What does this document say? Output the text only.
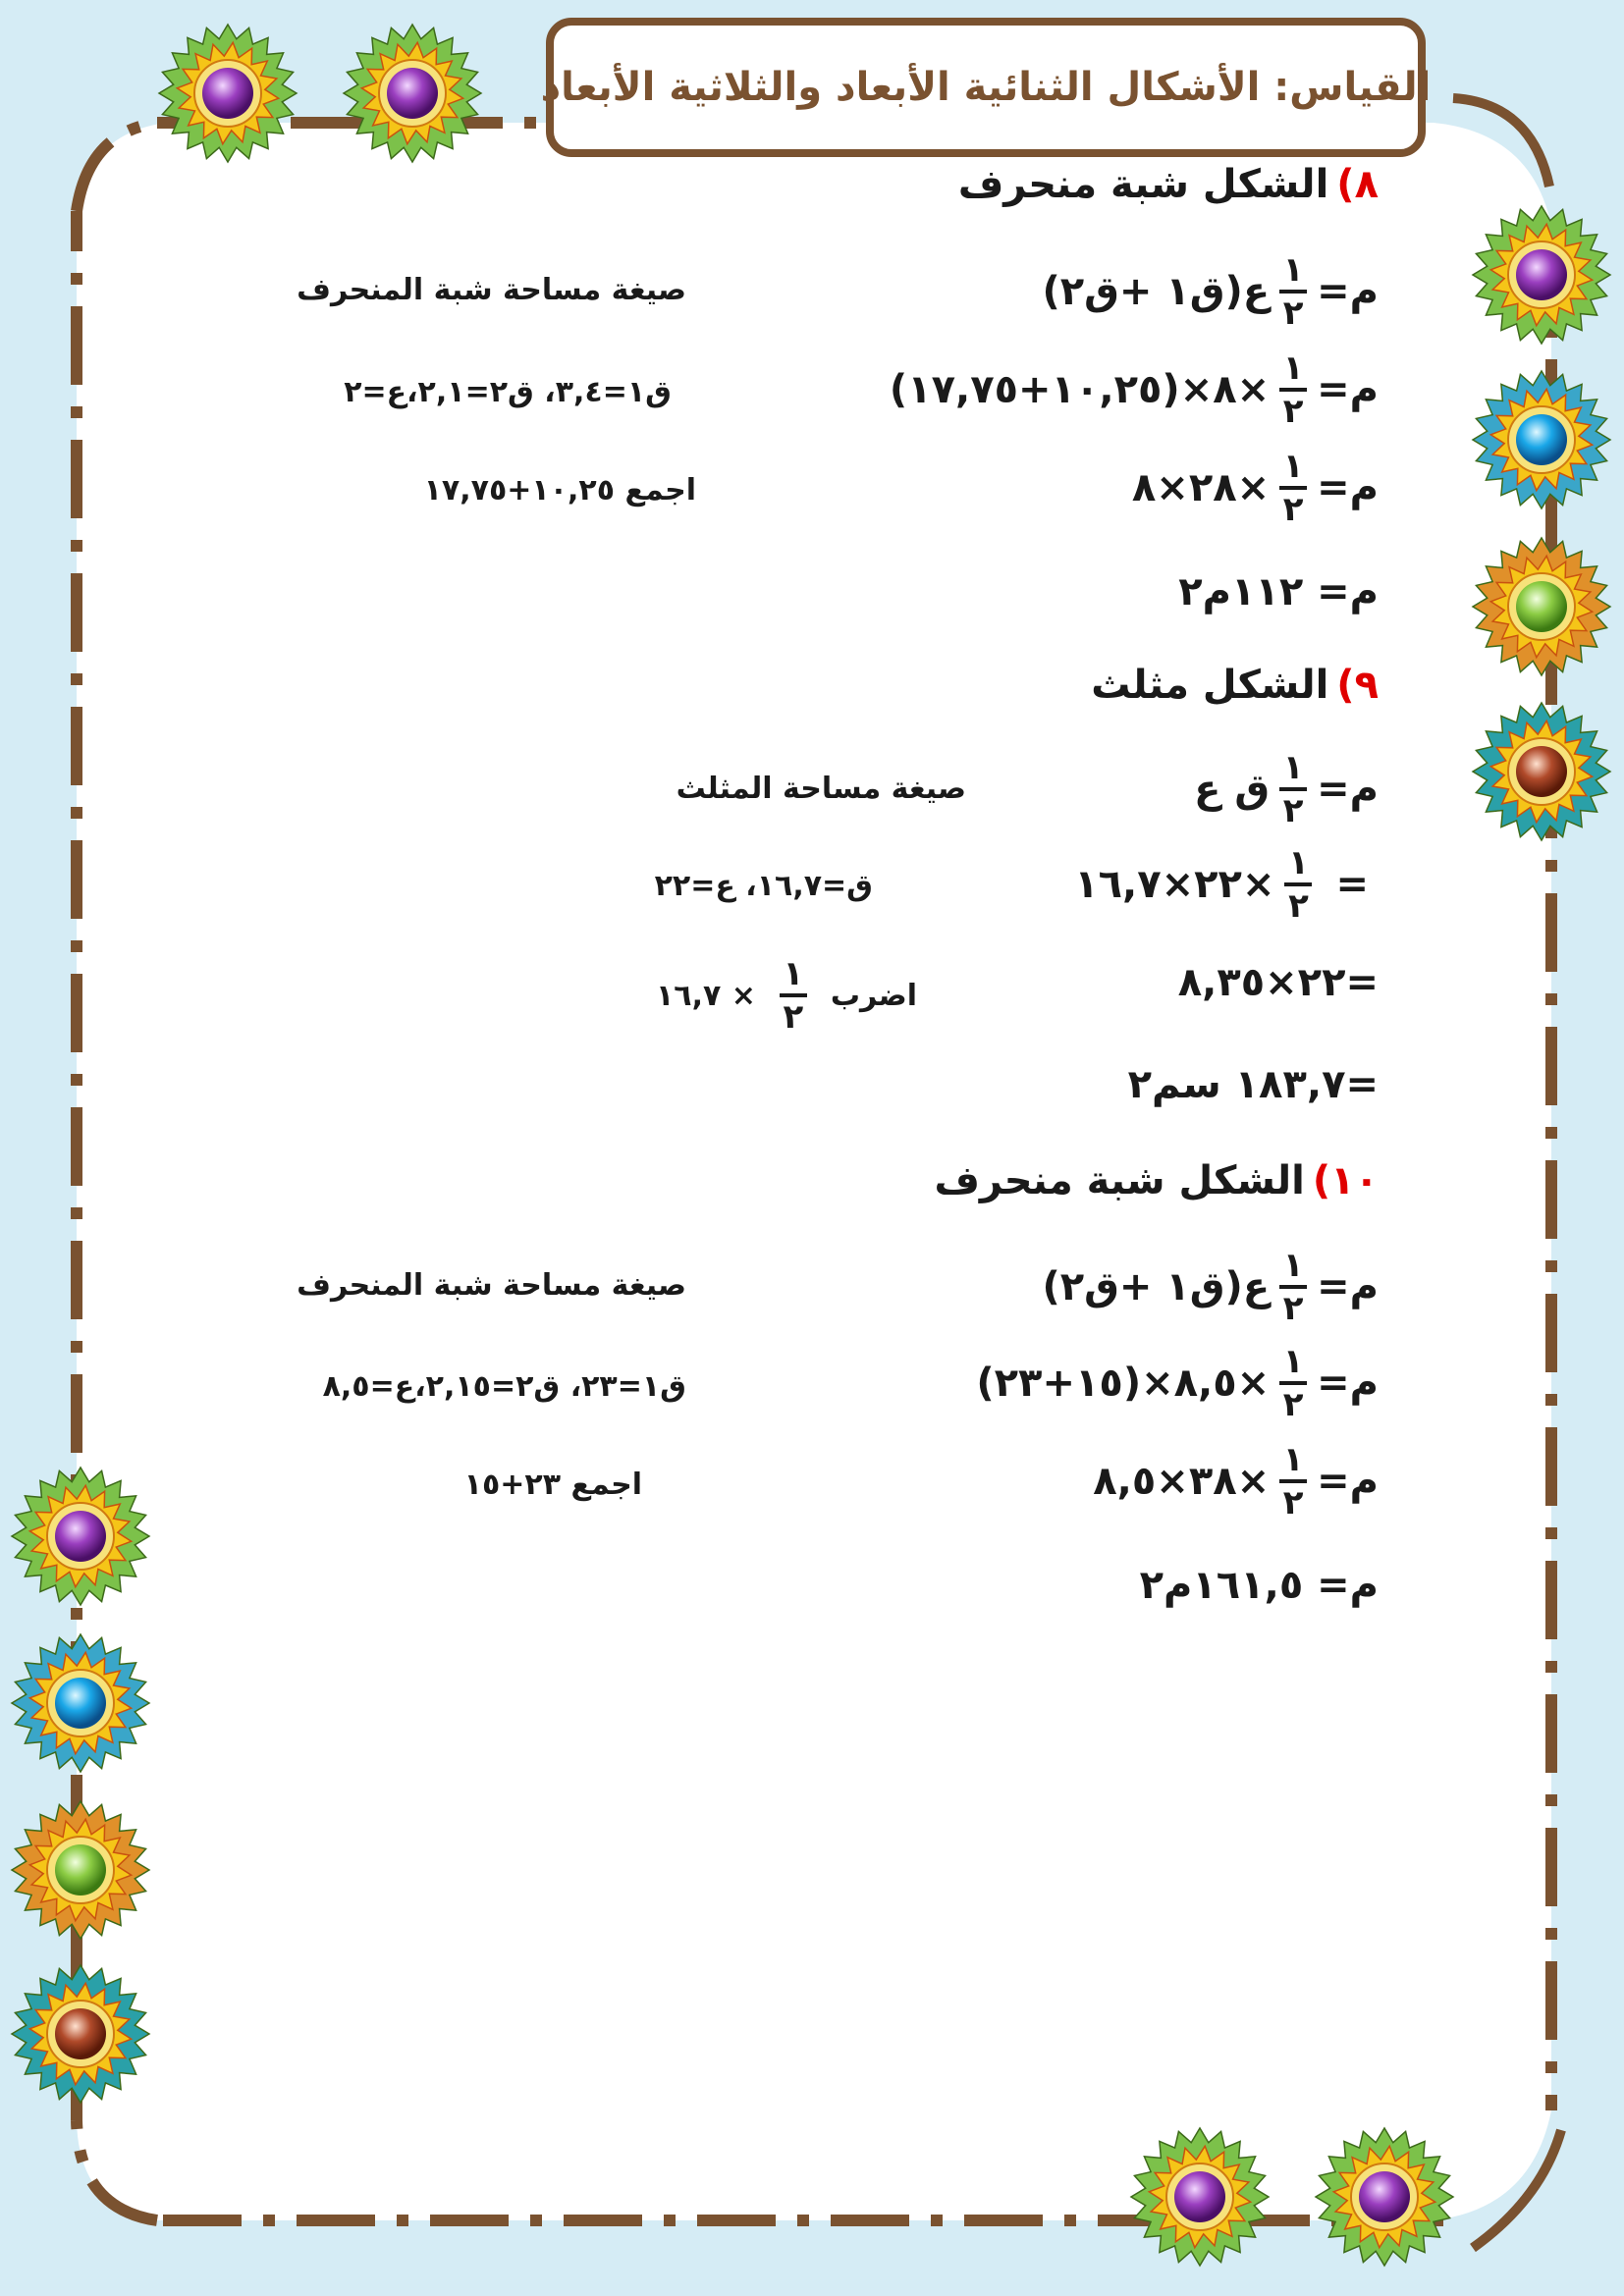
القياس: الأشكال الثنائية الأبعاد والثلاثية الأبعاد
٨)
الشكل شبة منحرف
م=
$\frac{١}{٢}$
ع(ق١ +ق٢)
صيغة مساحة شبة المنحرف
م=
$\frac{١}{٢}$
×٨×(١٠,٢٥+١٧,٧٥)
ق١=٣,٤، ق٢=٢,١،ع=٢
م=
$\frac{١}{٢}$
×٢٨×٨
اجمع ١٠,٢٥+١٧,٧٥
م= ١١٢م٢
٩)
الشكل مثلث
م=
$\frac{١}{٢}$
ق ع
صيغة مساحة المثلث
=
$\frac{١}{٢}$
×٢٢×١٦,٧
ق=١٦,٧، ع=٢٢
=٢٢×٨,٣٥
اضرب
$\frac{١}{٢}$
× ١٦,٧
=١٨٣,٧ سم٢
١٠)
الشكل شبة منحرف
م=
$\frac{١}{٢}$
ع(ق١ +ق٢)
صيغة مساحة شبة المنحرف
م=
$\frac{١}{٢}$
×٨,٥×(١٥+٢٣)
ق١=٢٣، ق٢=٢,١٥،ع=٨,٥
م=
$\frac{١}{٢}$
×٣٨×٨,٥
اجمع ٢٣+١٥
م= ١٦١,٥م٢
